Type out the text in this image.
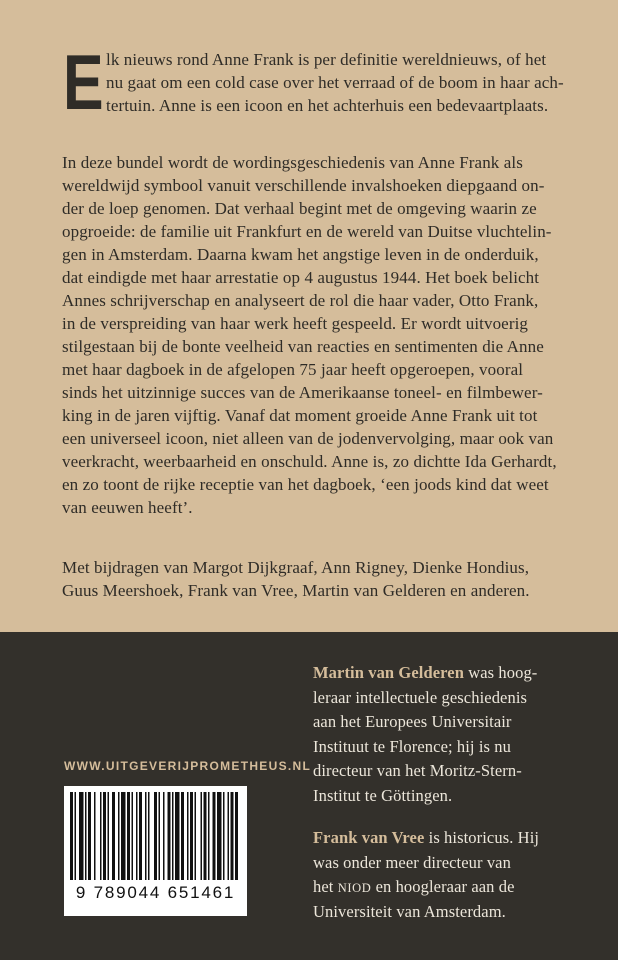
E lk nieuws rond Anne Frank is per definitie wereldnieuws, of het
nu gaat om een cold case over het verraad of de boom in haar ach-
tertuin. Anne is een icoon en het achterhuis een bedevaartplaats.
In deze bundel wordt de wordingsgeschiedenis van Anne Frank als
wereldwijd symbool vanuit verschillende invalshoeken diepgaand on-
der de loep genomen. Dat verhaal begint met de omgeving waarin ze
opgroeide: de familie uit Frankfurt en de wereld van Duitse vluchtelin-
gen in Amsterdam. Daarna kwam het angstige leven in de onderduik,
dat eindigde met haar arrestatie op 4 augustus 1944. Het boek belicht
Annes schrijverschap en analyseert de rol die haar vader, Otto Frank,
in de verspreiding van haar werk heeft gespeeld. Er wordt uitvoerig
stilgestaan bij de bonte veelheid van reacties en sentimenten die Anne
met haar dagboek in de afgelopen 75 jaar heeft opgeroepen, vooral
sinds het uitzinnige succes van de Amerikaanse toneel- en filmbewer-
king in de jaren vijftig. Vanaf dat moment groeide Anne Frank uit tot
een universeel icoon, niet alleen van de jodenvervolging, maar ook van
veerkracht, weerbaarheid en onschuld. Anne is, zo dichtte Ida Gerhardt,
en zo toont de rijke receptie van het dagboek, ‘een joods kind dat weet
van eeuwen heeft’.
Met bijdragen van Margot Dijkgraaf, Ann Rigney, Dienke Hondius,
Guus Meershoek, Frank van Vree, Martin van Gelderen en anderen.
WWW.UITGEVERIJPROMETHEUS.NL
9 789044 651461
Martin van Gelderen was hoog-
leraar intellectuele geschiedenis
aan het Europees Universitair
Instituut te Florence; hij is nu
directeur van het Moritz-Stern-
Institut te Göttingen.
Frank van Vree is historicus. Hij
was onder meer directeur van
het NIOD en hoogleraar aan de
Universiteit van Amsterdam.
